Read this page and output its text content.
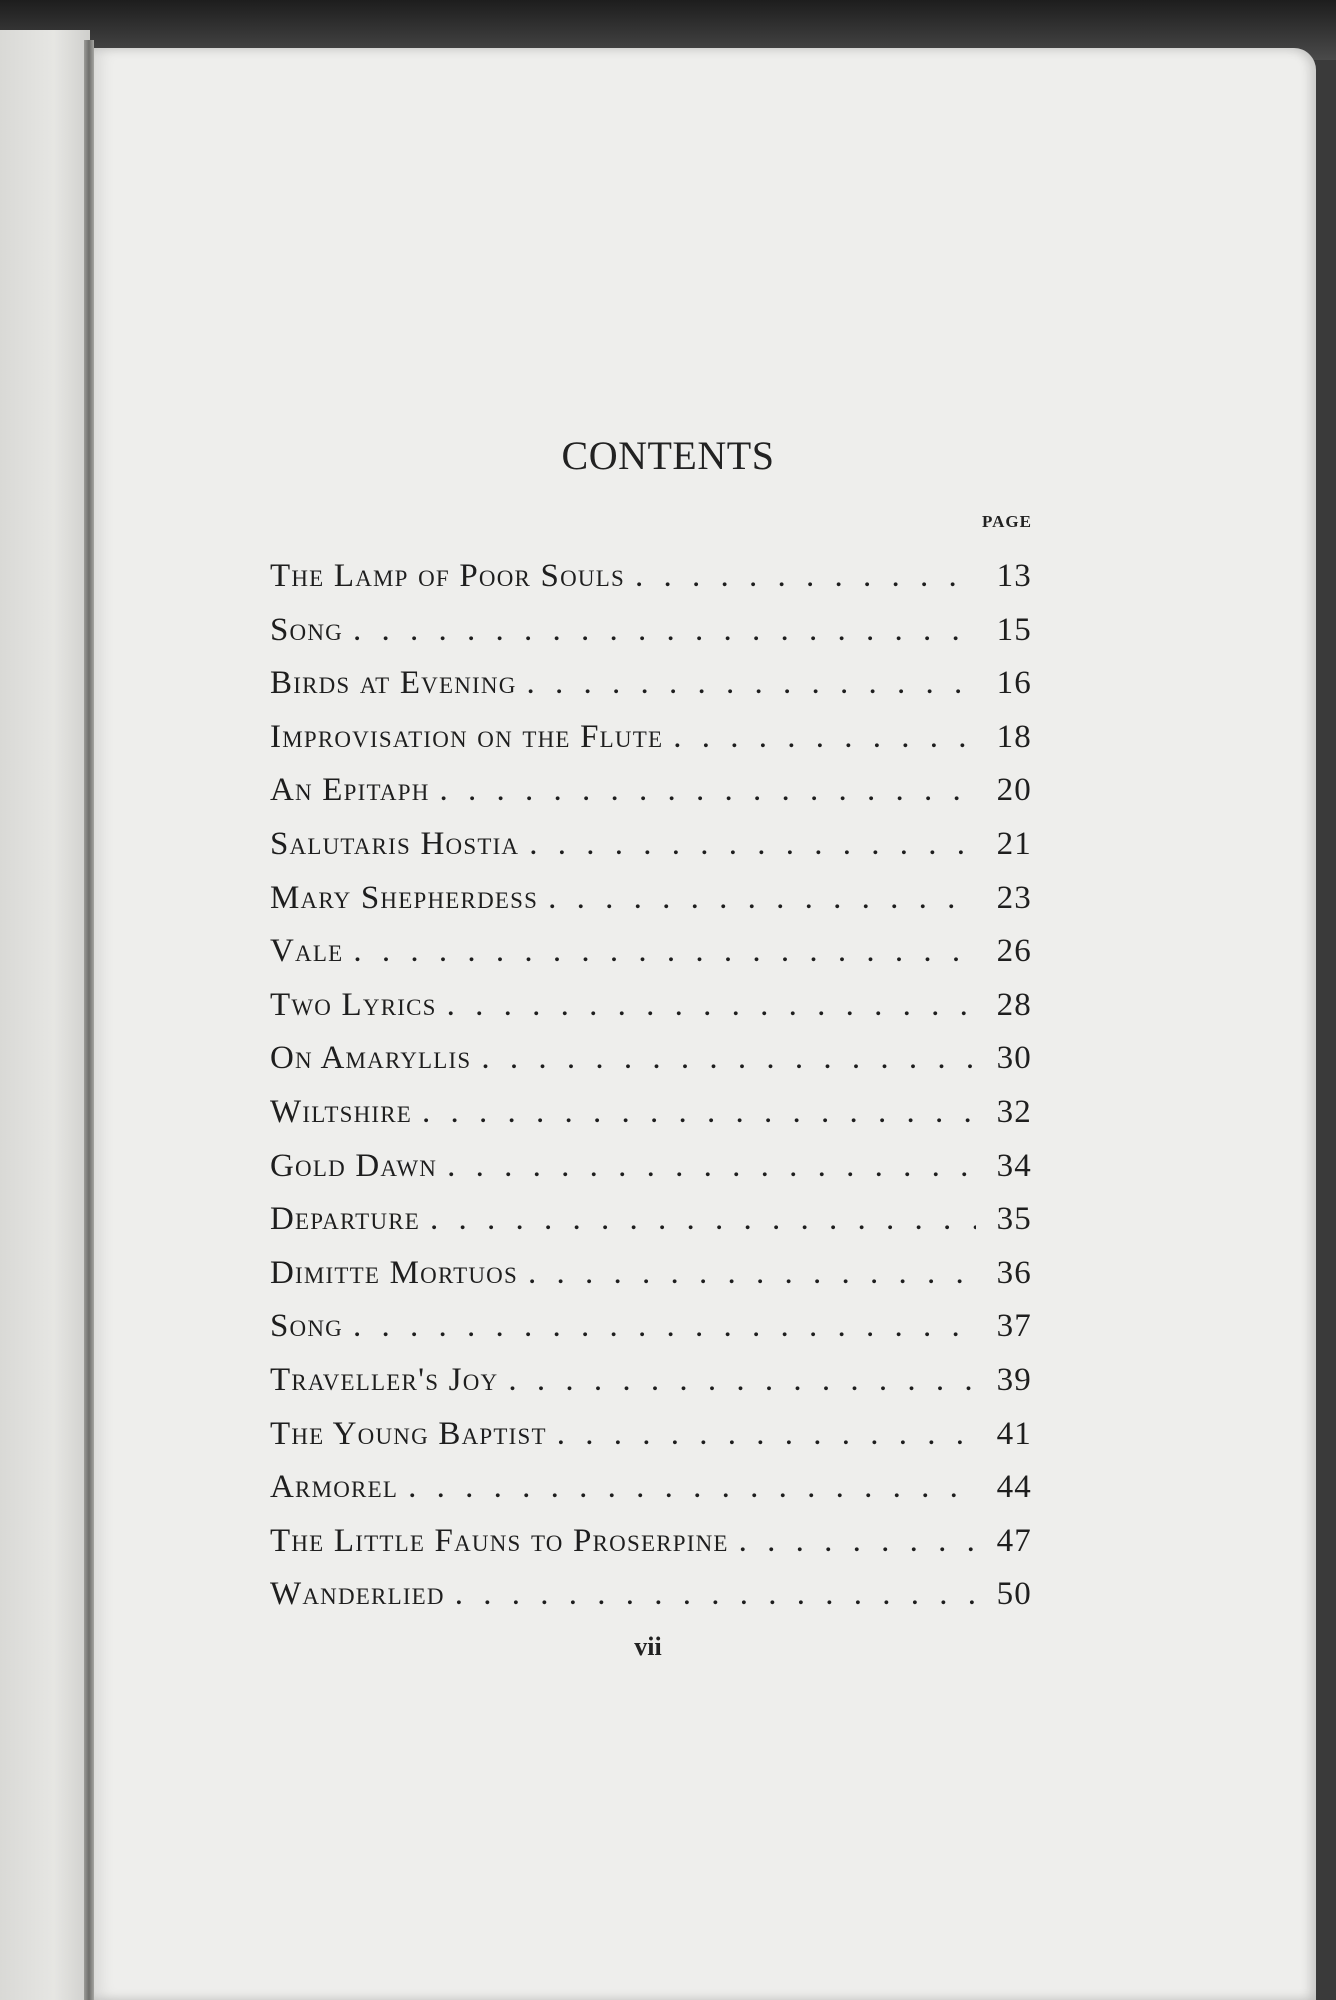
CONTENTS
PAGE
The Lamp of Poor Souls . . .	13
Song . . .	15
Birds at Evening . . .	16
Improvisation on the Flute . . .	18
An Epitaph . . .	20
Salutaris Hostia . . .	21
Mary Shepherdess . . .	23
Vale . . .	26
Two Lyrics . . .	28
On Amaryllis . . .	30
Wiltshire . . .	32
Gold Dawn . . .	34
Departure . . .	35
Dimitte Mortuos . . .	36
Song . . .	37
Traveller's Joy . . .	39
The Young Baptist . . .	41
Armorel . . .	44
The Little Fauns to Proserpine . . .	47
Wanderlied . . .	50
vii
